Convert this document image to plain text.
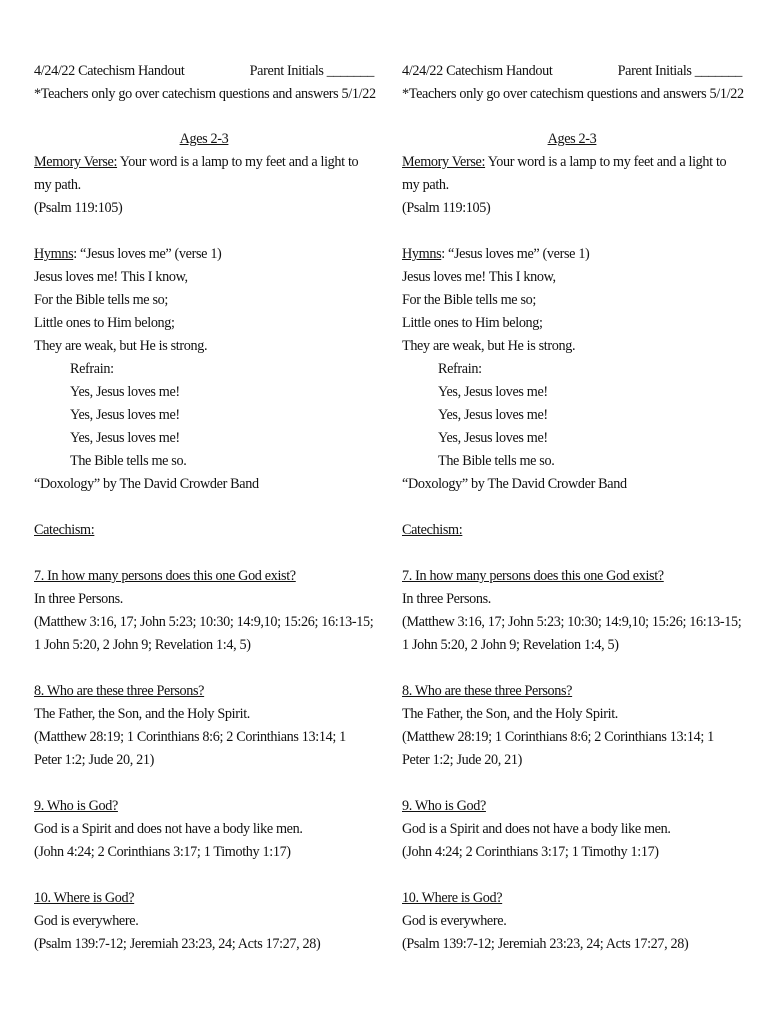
4/24/22 Catechism Handout	Parent Initials _______
*Teachers only go over catechism questions and answers 5/1/22
Ages 2-3

Memory Verse: Your word is a lamp to my feet and a light to my path.

(Psalm 119:105)

Hymns: “Jesus loves me” (verse 1)

Jesus loves me! This I know,
For the Bible tells me so;
Little ones to Him belong;
They are weak, but He is strong.
Refrain:
Yes, Jesus loves me!
Yes, Jesus loves me!
Yes, Jesus loves me!
The Bible tells me so.
“Doxology” by The David Crowder Band

Catechism:

7. In how many persons does this one God exist?

In three Persons.

(Matthew 3:16, 17; John 5:23; 10:30; 14:9,10; 15:26; 16:13-15; 1 John 5:20, 2 John 9; Revelation 1:4, 5)

8. Who are these three Persons?

The Father, the Son, and the Holy Spirit.

(Matthew 28:19; 1 Corinthians 8:6; 2 Corinthians 13:14; 1 Peter 1:2; Jude 20, 21)

9. Who is God?

God is a Spirit and does not have a body like men.

(John 4:24; 2 Corinthians 3:17; 1 Timothy 1:17)

10. Where is God?

God is everywhere.

(Psalm 139:7-12; Jeremiah 23:23, 24; Acts 17:27, 28)

4/24/22 Catechism Handout	Parent Initials _______
*Teachers only go over catechism questions and answers 5/1/22
Ages 2-3

Memory Verse: Your word is a lamp to my feet and a light to my path.

(Psalm 119:105)

Hymns: “Jesus loves me” (verse 1)

Jesus loves me! This I know,
For the Bible tells me so;
Little ones to Him belong;
They are weak, but He is strong.
Refrain:
Yes, Jesus loves me!
Yes, Jesus loves me!
Yes, Jesus loves me!
The Bible tells me so.
“Doxology” by The David Crowder Band

Catechism:

7. In how many persons does this one God exist?

In three Persons.

(Matthew 3:16, 17; John 5:23; 10:30; 14:9,10; 15:26; 16:13-15; 1 John 5:20, 2 John 9; Revelation 1:4, 5)

8. Who are these three Persons?

The Father, the Son, and the Holy Spirit.

(Matthew 28:19; 1 Corinthians 8:6; 2 Corinthians 13:14; 1 Peter 1:2; Jude 20, 21)

9. Who is God?

God is a Spirit and does not have a body like men.

(John 4:24; 2 Corinthians 3:17; 1 Timothy 1:17)

10. Where is God?

God is everywhere.

(Psalm 139:7-12; Jeremiah 23:23, 24; Acts 17:27, 28)
